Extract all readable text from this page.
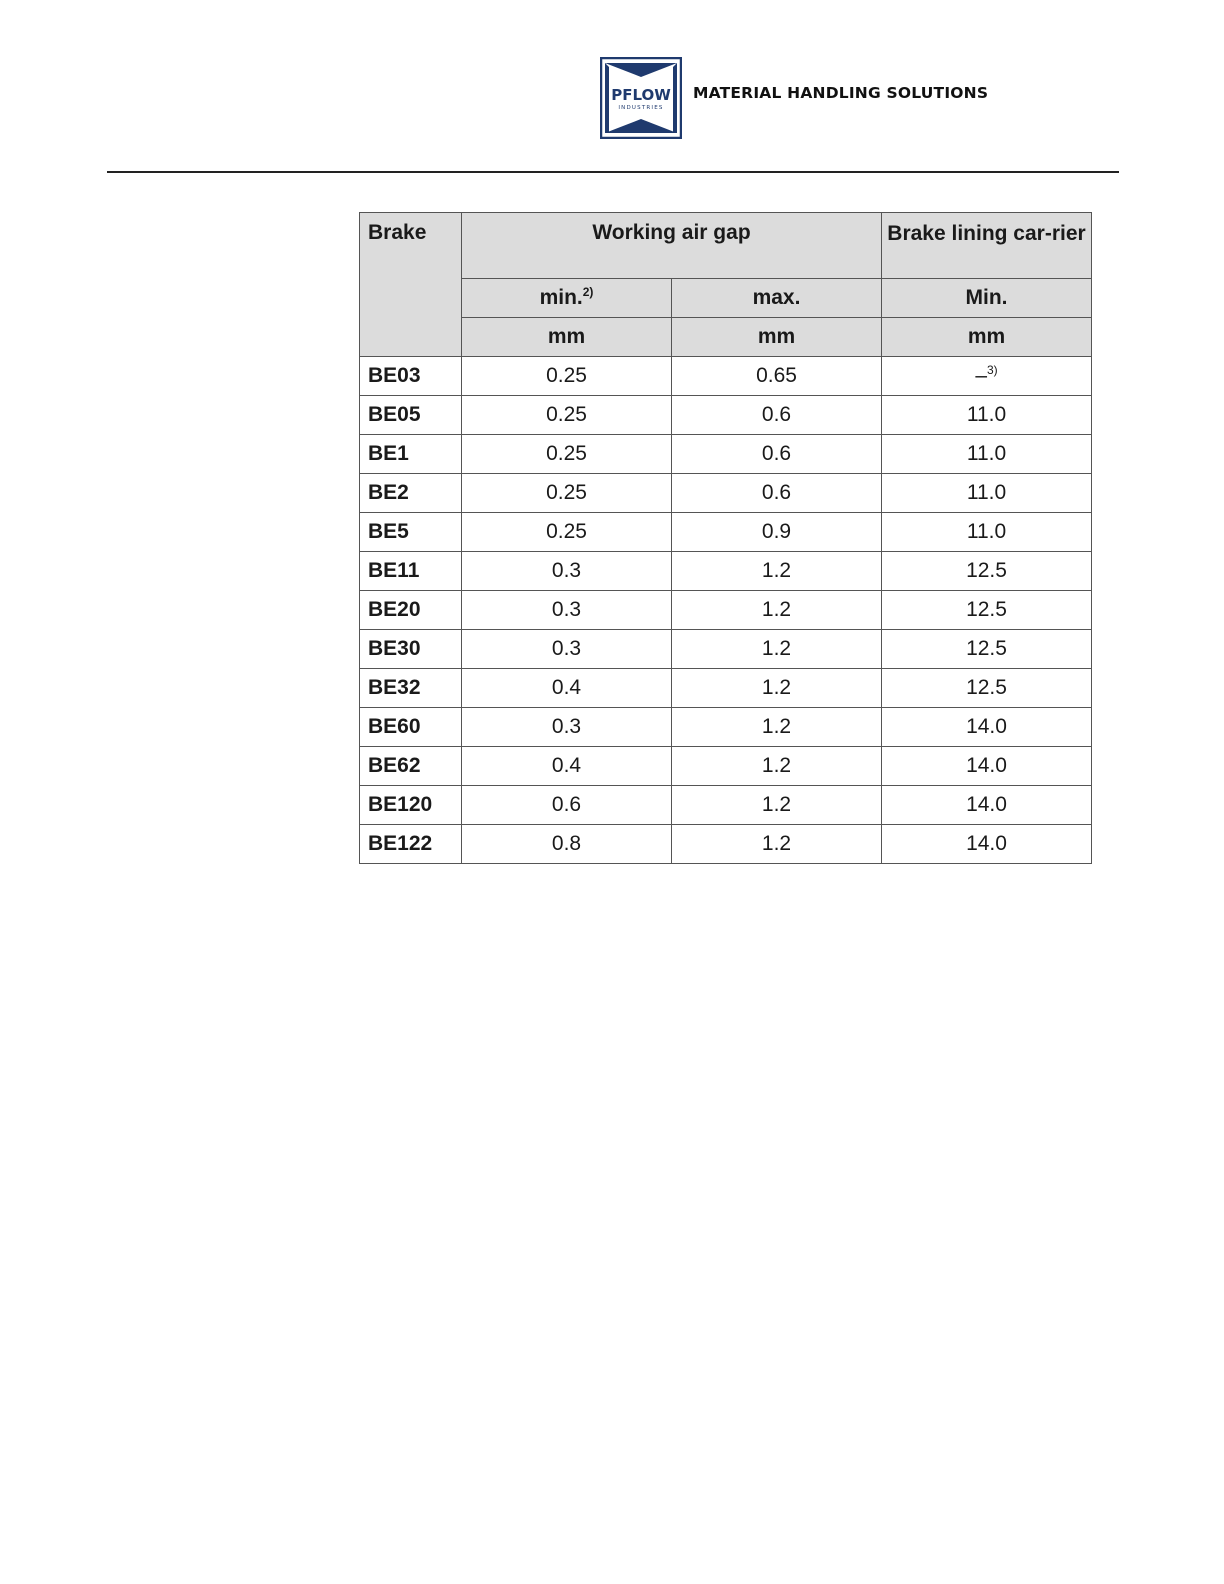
PFLOW
INDUSTRIES
MATERIAL HANDLING SOLUTIONS
Brake	Working air gap		Brake lining car-rier
	min.$^{2)}$	max.	Min.
	mm	mm	mm
BE03	0.25	0.65	–$^{3)}$
BE05	0.25	0.6	11.0
BE1	0.25	0.6	11.0
BE2	0.25	0.6	11.0
BE5	0.25	0.9	11.0
BE11	0.3	1.2	12.5
BE20	0.3	1.2	12.5
BE30	0.3	1.2	12.5
BE32	0.4	1.2	12.5
BE60	0.3	1.2	14.0
BE62	0.4	1.2	14.0
BE120	0.6	1.2	14.0
BE122	0.8	1.2	14.0
